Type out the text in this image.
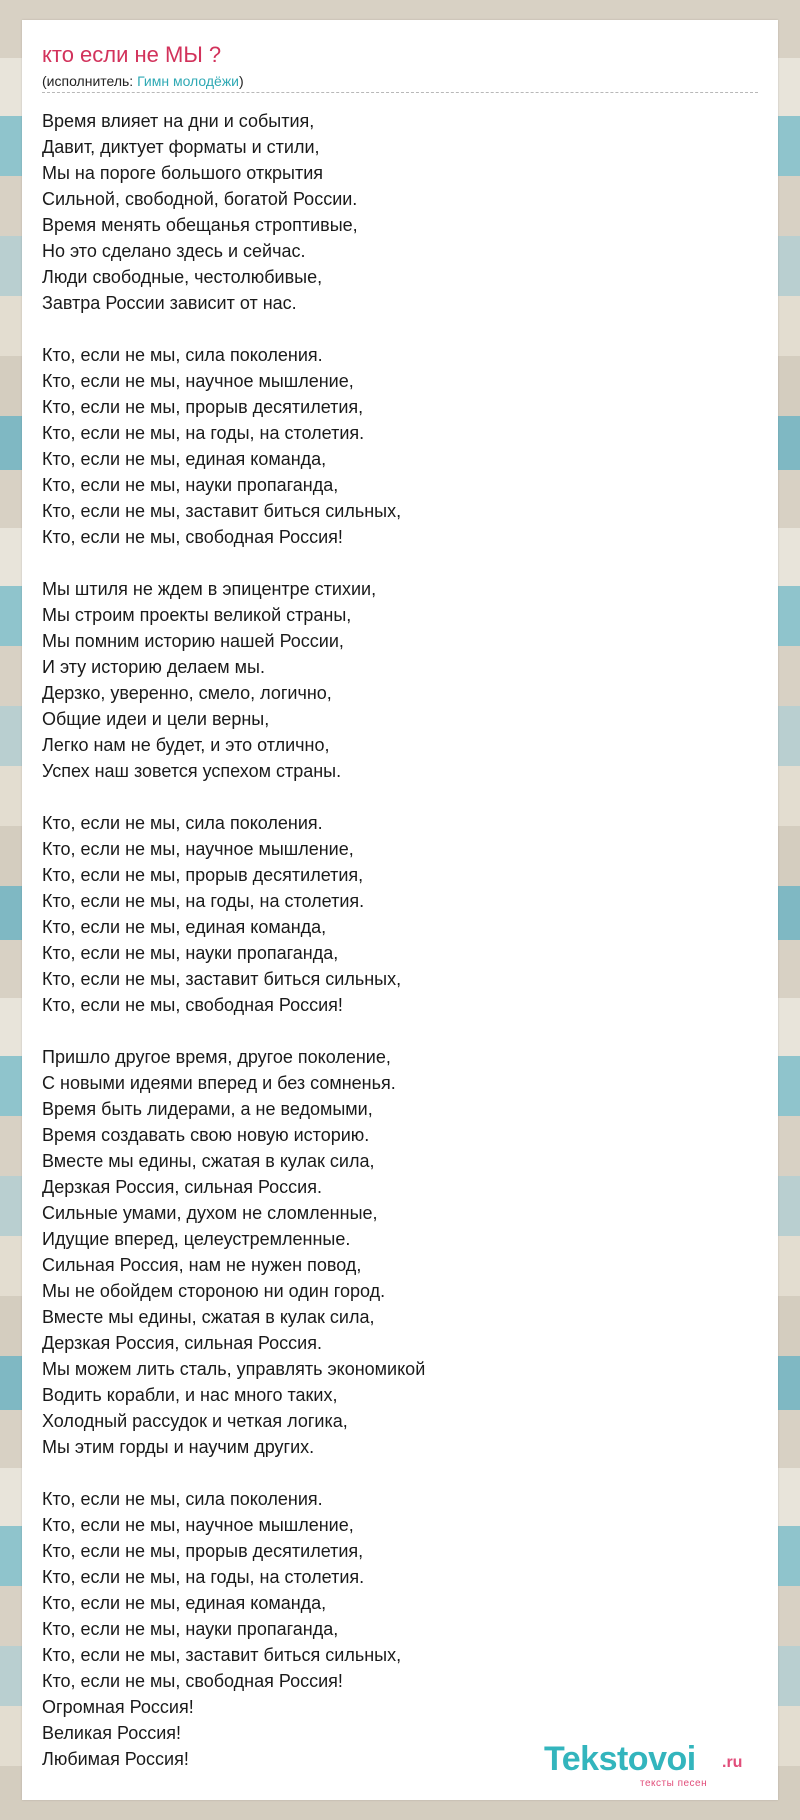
кто если не МЫ ?
(исполнитель: Гимн молодёжи)
Время влияет на дни и события,
Давит, диктует форматы и стили,
Мы на пороге большого открытия
Сильной, свободной, богатой России.
Время менять обещанья строптивые,
Но это сделано здесь и сейчас.
Люди свободные, честолюбивые,
Завтра России зависит от нас.
Кто, если не мы, сила поколения.
Кто, если не мы, научное мышление,
Кто, если не мы, прорыв десятилетия,
Кто, если не мы, на годы, на столетия.
Кто, если не мы, единая команда,
Кто, если не мы, науки пропаганда,
Кто, если не мы, заставит биться сильных,
Кто, если не мы, свободная Россия!
Мы штиля не ждем в эпицентре стихии,
Мы строим проекты великой страны,
Мы помним историю нашей России,
И эту историю делаем мы.
Дерзко, уверенно, смело, логично,
Общие идеи и цели верны,
Легко нам не будет, и это отлично,
Успех наш зовется успехом страны.
Кто, если не мы, сила поколения.
Кто, если не мы, научное мышление,
Кто, если не мы, прорыв десятилетия,
Кто, если не мы, на годы, на столетия.
Кто, если не мы, единая команда,
Кто, если не мы, науки пропаганда,
Кто, если не мы, заставит биться сильных,
Кто, если не мы, свободная Россия!
Пришло другое время, другое поколение,
С новыми идеями вперед и без сомненья.
Время быть лидерами, а не ведомыми,
Время создавать свою новую историю.
Вместе мы едины, сжатая в кулак сила,
Дерзкая Россия, сильная Россия.
Сильные умами, духом не сломленные,
Идущие вперед, целеустремленные.
Сильная Россия, нам не нужен повод,
Мы не обойдем стороною ни один город.
Вместе мы едины, сжатая в кулак сила,
Дерзкая Россия, сильная Россия.
Мы можем лить сталь, управлять экономикой
Водить корабли, и нас много таких,
Холодный рассудок и четкая логика,
Мы этим горды и научим других.
Кто, если не мы, сила поколения.
Кто, если не мы, научное мышление,
Кто, если не мы, прорыв десятилетия,
Кто, если не мы, на годы, на столетия.
Кто, если не мы, единая команда,
Кто, если не мы, науки пропаганда,
Кто, если не мы, заставит биться сильных,
Кто, если не мы, свободная Россия!
Огромная Россия!
Великая Россия!
Любимая Россия!	Tekstovoi .ru
тексты песен
